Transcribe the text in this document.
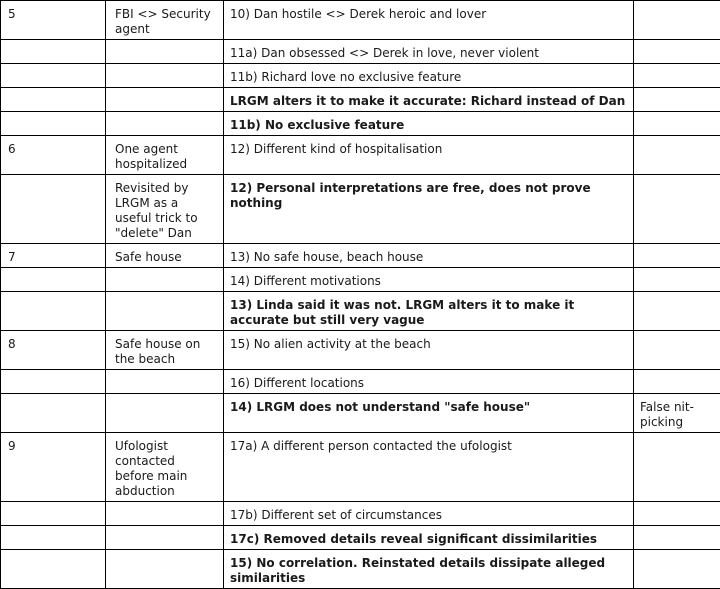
5	FBI <> Security agent	10) Dan hostile <> Derek heroic and lover	
		11a) Dan obsessed <> Derek in love, never violent	
		11b) Richard love no exclusive feature	
		LRGM alters it to make it accurate: Richard instead of Dan	
		11b) No exclusive feature	
6	One agent hospitalized	12) Different kind of hospitalisation	
	Revisited by LRGM as a useful trick to "delete" Dan	12) Personal interpretations are free, does not prove nothing	
7	Safe house	13) No safe house, beach house	
		14) Different motivations	
		13) Linda said it was not. LRGM alters it to make it accurate but still very vague	
8	Safe house on the beach	15) No alien activity at the beach	
		16) Different locations	
		14) LRGM does not understand "safe house"	False nit-picking
9	Ufologist contacted before main abduction	17a) A different person contacted the ufologist	
		17b) Different set of circumstances	
		17c) Removed details reveal significant dissimilarities	
		15) No correlation. Reinstated details dissipate alleged similarities	
